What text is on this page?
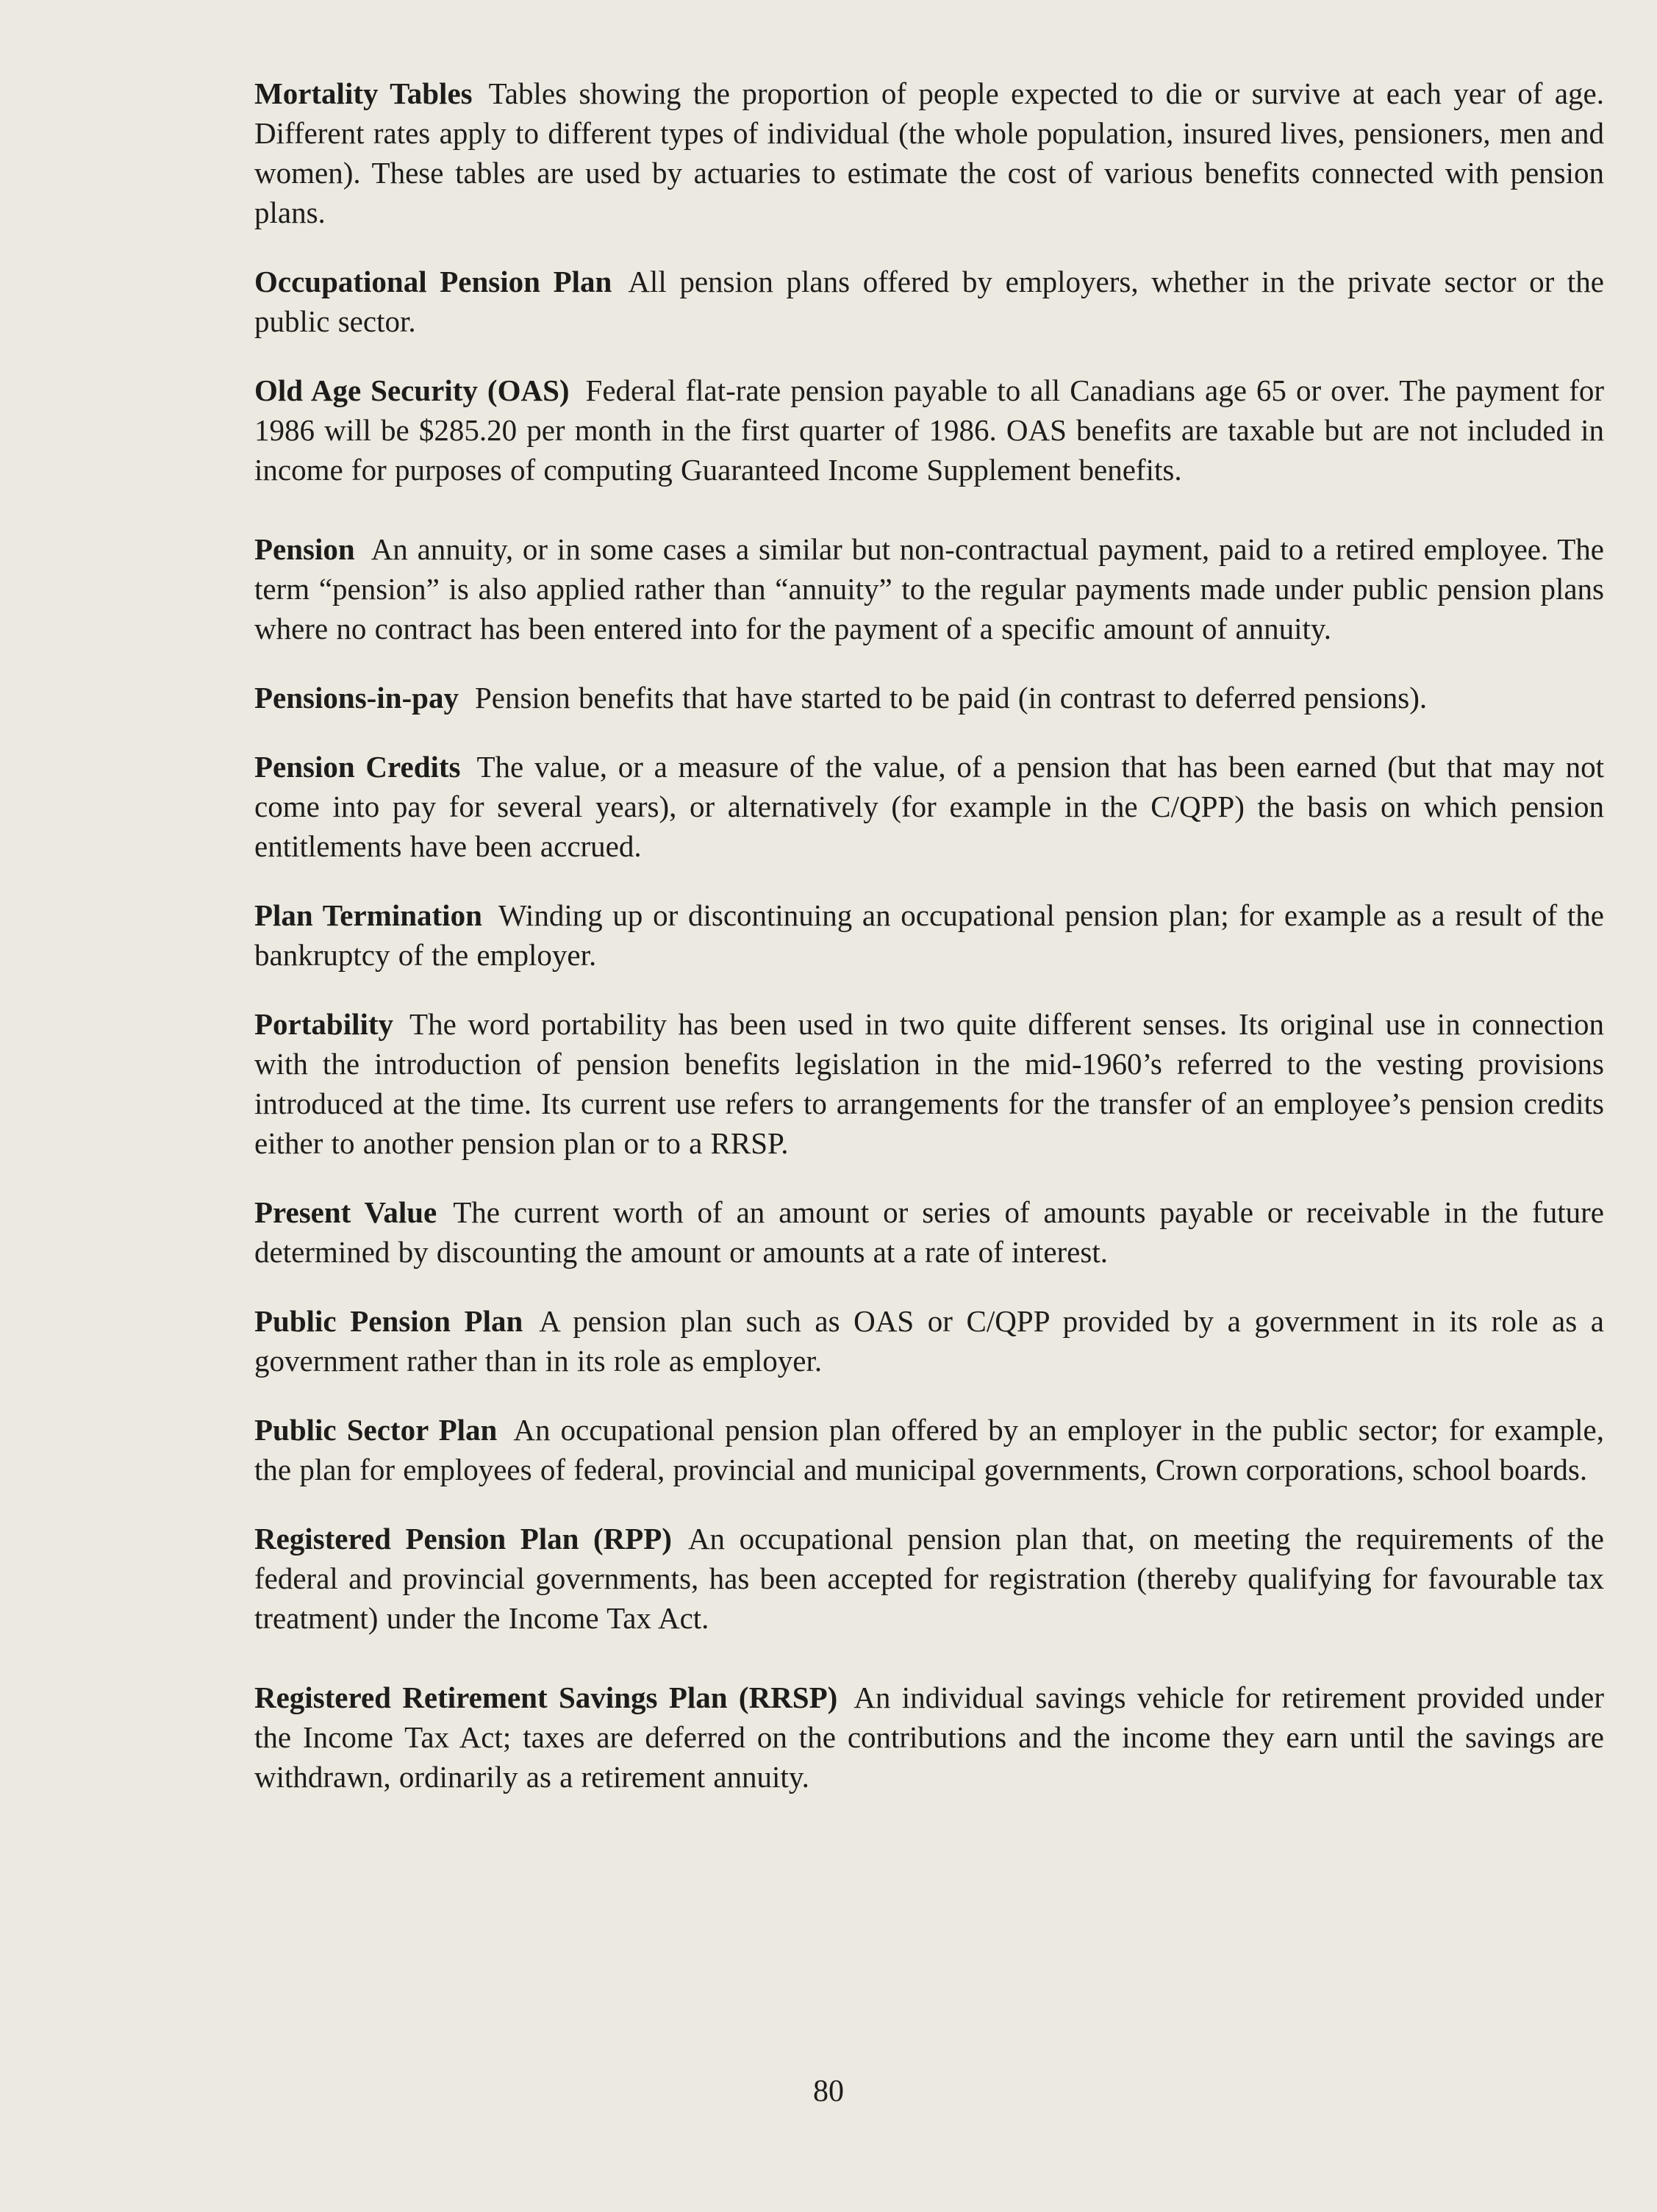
Mortality Tables Tables showing the proportion of people expected to die or survive at each year of age. Different rates apply to different types of individual (the whole population, insured lives, pensioners, men and women). These tables are used by actuaries to estimate the cost of various benefits connected with pension plans.

Occupational Pension Plan All pension plans offered by employers, whether in the private sector or the public sector.

Old Age Security (OAS) Federal flat-rate pension payable to all Canadians age 65 or over. The payment for 1986 will be $285.20 per month in the first quarter of 1986. OAS benefits are taxable but are not included in income for purposes of computing Guaranteed Income Supplement benefits.

Pension An annuity, or in some cases a similar but non-contractual payment, paid to a retired employee. The term “pension” is also applied rather than “annuity” to the regular payments made under public pension plans where no contract has been entered into for the payment of a specific amount of annuity.

Pensions-in-pay Pension benefits that have started to be paid (in contrast to deferred pensions).

Pension Credits The value, or a measure of the value, of a pension that has been earned (but that may not come into pay for several years), or alternatively (for example in the C/QPP) the basis on which pension entitlements have been accrued.

Plan Termination Winding up or discontinuing an occupational pension plan; for example as a result of the bankruptcy of the employer.

Portability The word portability has been used in two quite different senses. Its original use in connection with the introduction of pension benefits legislation in the mid-1960’s referred to the vesting provisions introduced at the time. Its current use refers to arrangements for the transfer of an employee’s pension credits either to another pension plan or to a RRSP.

Present Value The current worth of an amount or series of amounts payable or receivable in the future determined by discounting the amount or amounts at a rate of interest.

Public Pension Plan A pension plan such as OAS or C/QPP provided by a government in its role as a government rather than in its role as employer.

Public Sector Plan An occupational pension plan offered by an employer in the public sector; for example, the plan for employees of federal, provincial and municipal governments, Crown corporations, school boards.

Registered Pension Plan (RPP) An occupational pension plan that, on meeting the requirements of the federal and provincial governments, has been accepted for registration (thereby qualifying for favourable tax treatment) under the Income Tax Act.

Registered Retirement Savings Plan (RRSP) An individual savings vehicle for retirement provided under the Income Tax Act; taxes are deferred on the contributions and the income they earn until the savings are withdrawn, ordinarily as a retirement annuity.

80
